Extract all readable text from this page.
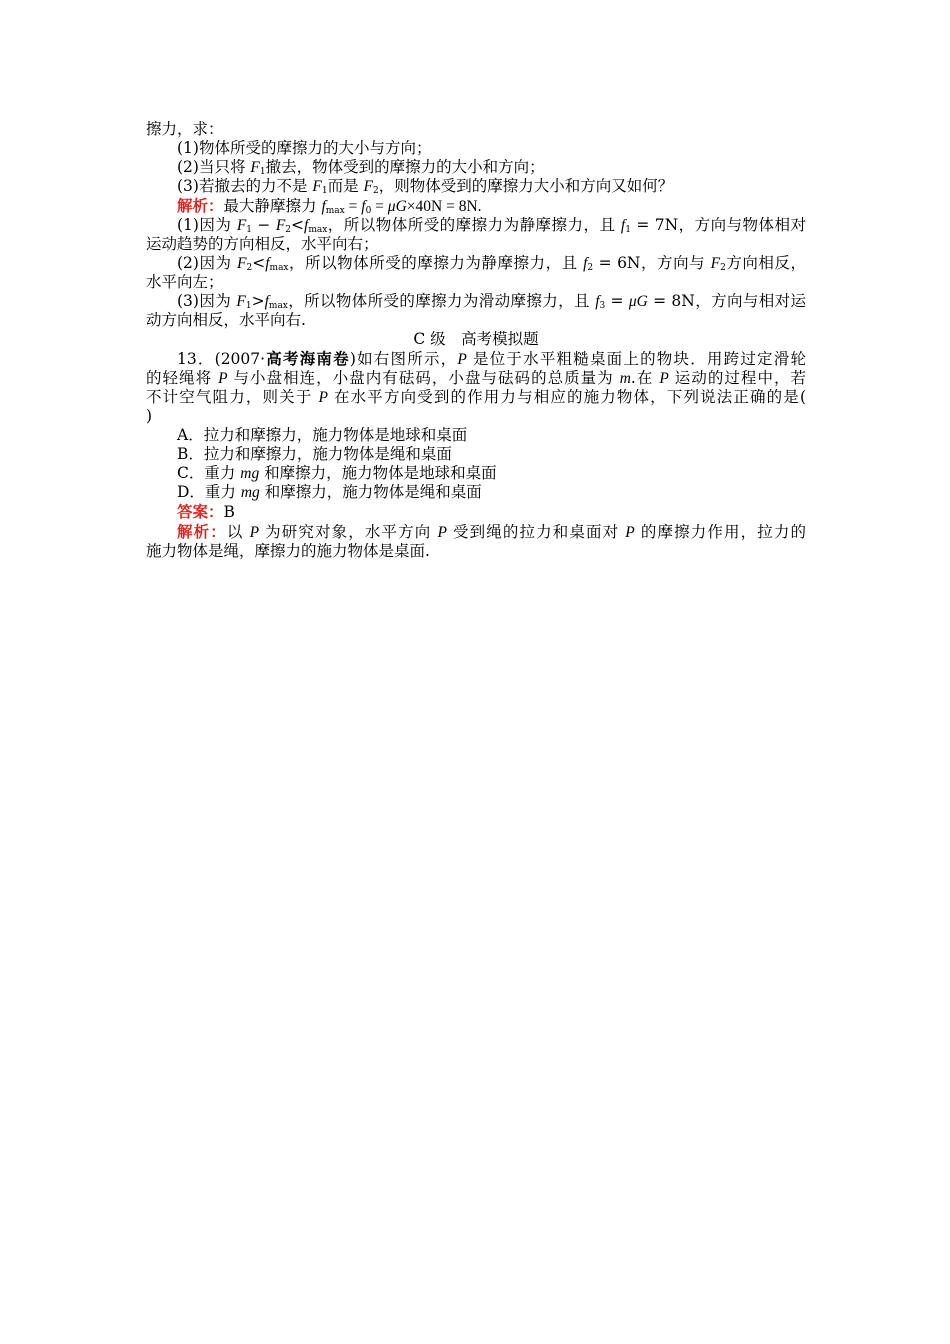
擦力，求：
(1)物体所受的摩擦力的大小与方向；
(2)当只将 $F_1$撤去，物体受到的摩擦力的大小和方向；
(3)若撤去的力不是 $F_1$而是 $F_2$，则物体受到的摩擦力大小和方向又如何？
解析：最大静摩擦力 $f_{max} = f_0 = \mu G\times 40N = 8N$.
(1)因为 $F_1 - F_2<f_{max}$，所以物体所受的摩擦力为静摩擦力，且 $f_1 = 7N$，方向与物体相对
运动趋势的方向相反，水平向右；
(2)因为 $F_2<f_{max}$，所以物体所受的摩擦力为静摩擦力，且 $f_2 = 6N$，方向与 $F_2$方向相反，
水平向左；
(3)因为 $F_1>f_{max}$，所以物体所受的摩擦力为滑动摩擦力，且 $f_3 = \mu G = 8N$，方向与相对运
动方向相反，水平向右.
C 级　高考模拟题
13．(2007·高考海南卷)如右图所示，P 是位于水平粗糙桌面上的物块．用跨过定滑轮
的轻绳将 P 与小盘相连，小盘内有砝码，小盘与砝码的总质量为 m.在 P 运动的过程中，若
不计空气阻力，则关于 P 在水平方向受到的作用力与相应的施力物体，下列说法正确的是(
)
A．拉力和摩擦力，施力物体是地球和桌面
B．拉力和摩擦力，施力物体是绳和桌面
C．重力 mg 和摩擦力，施力物体是地球和桌面
D．重力 mg 和摩擦力，施力物体是绳和桌面
答案：B
解析：以 P 为研究对象，水平方向 P 受到绳的拉力和桌面对 P 的摩擦力作用，拉力的
施力物体是绳，摩擦力的施力物体是桌面.
